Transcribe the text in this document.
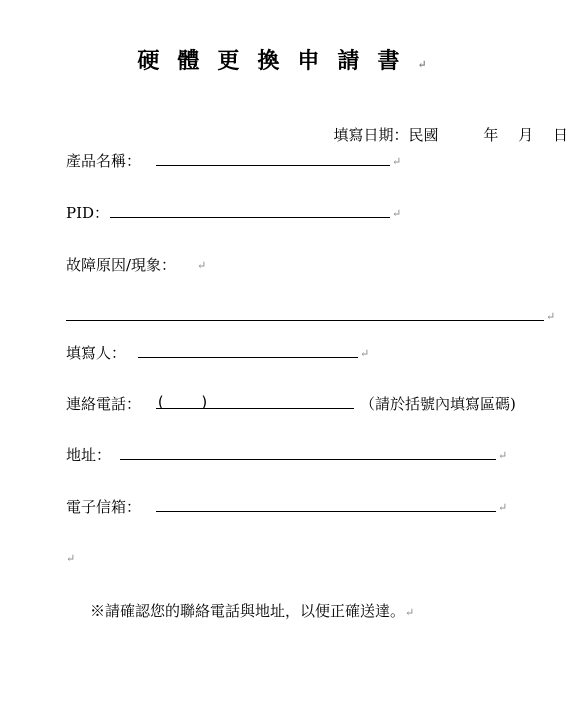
硬體更換申請書↵

填寫日期：民國　　　年　 月　 日

產品名稱：	↵
PID：	↵
故障原因/現象： ↵
↵
填寫人：	↵
連絡電話： ( )	（請於括號內填寫區碼)
地址：	↵
電子信箱：	↵
↵
※請確認您的聯絡電話與地址，以便正確送達。↵
